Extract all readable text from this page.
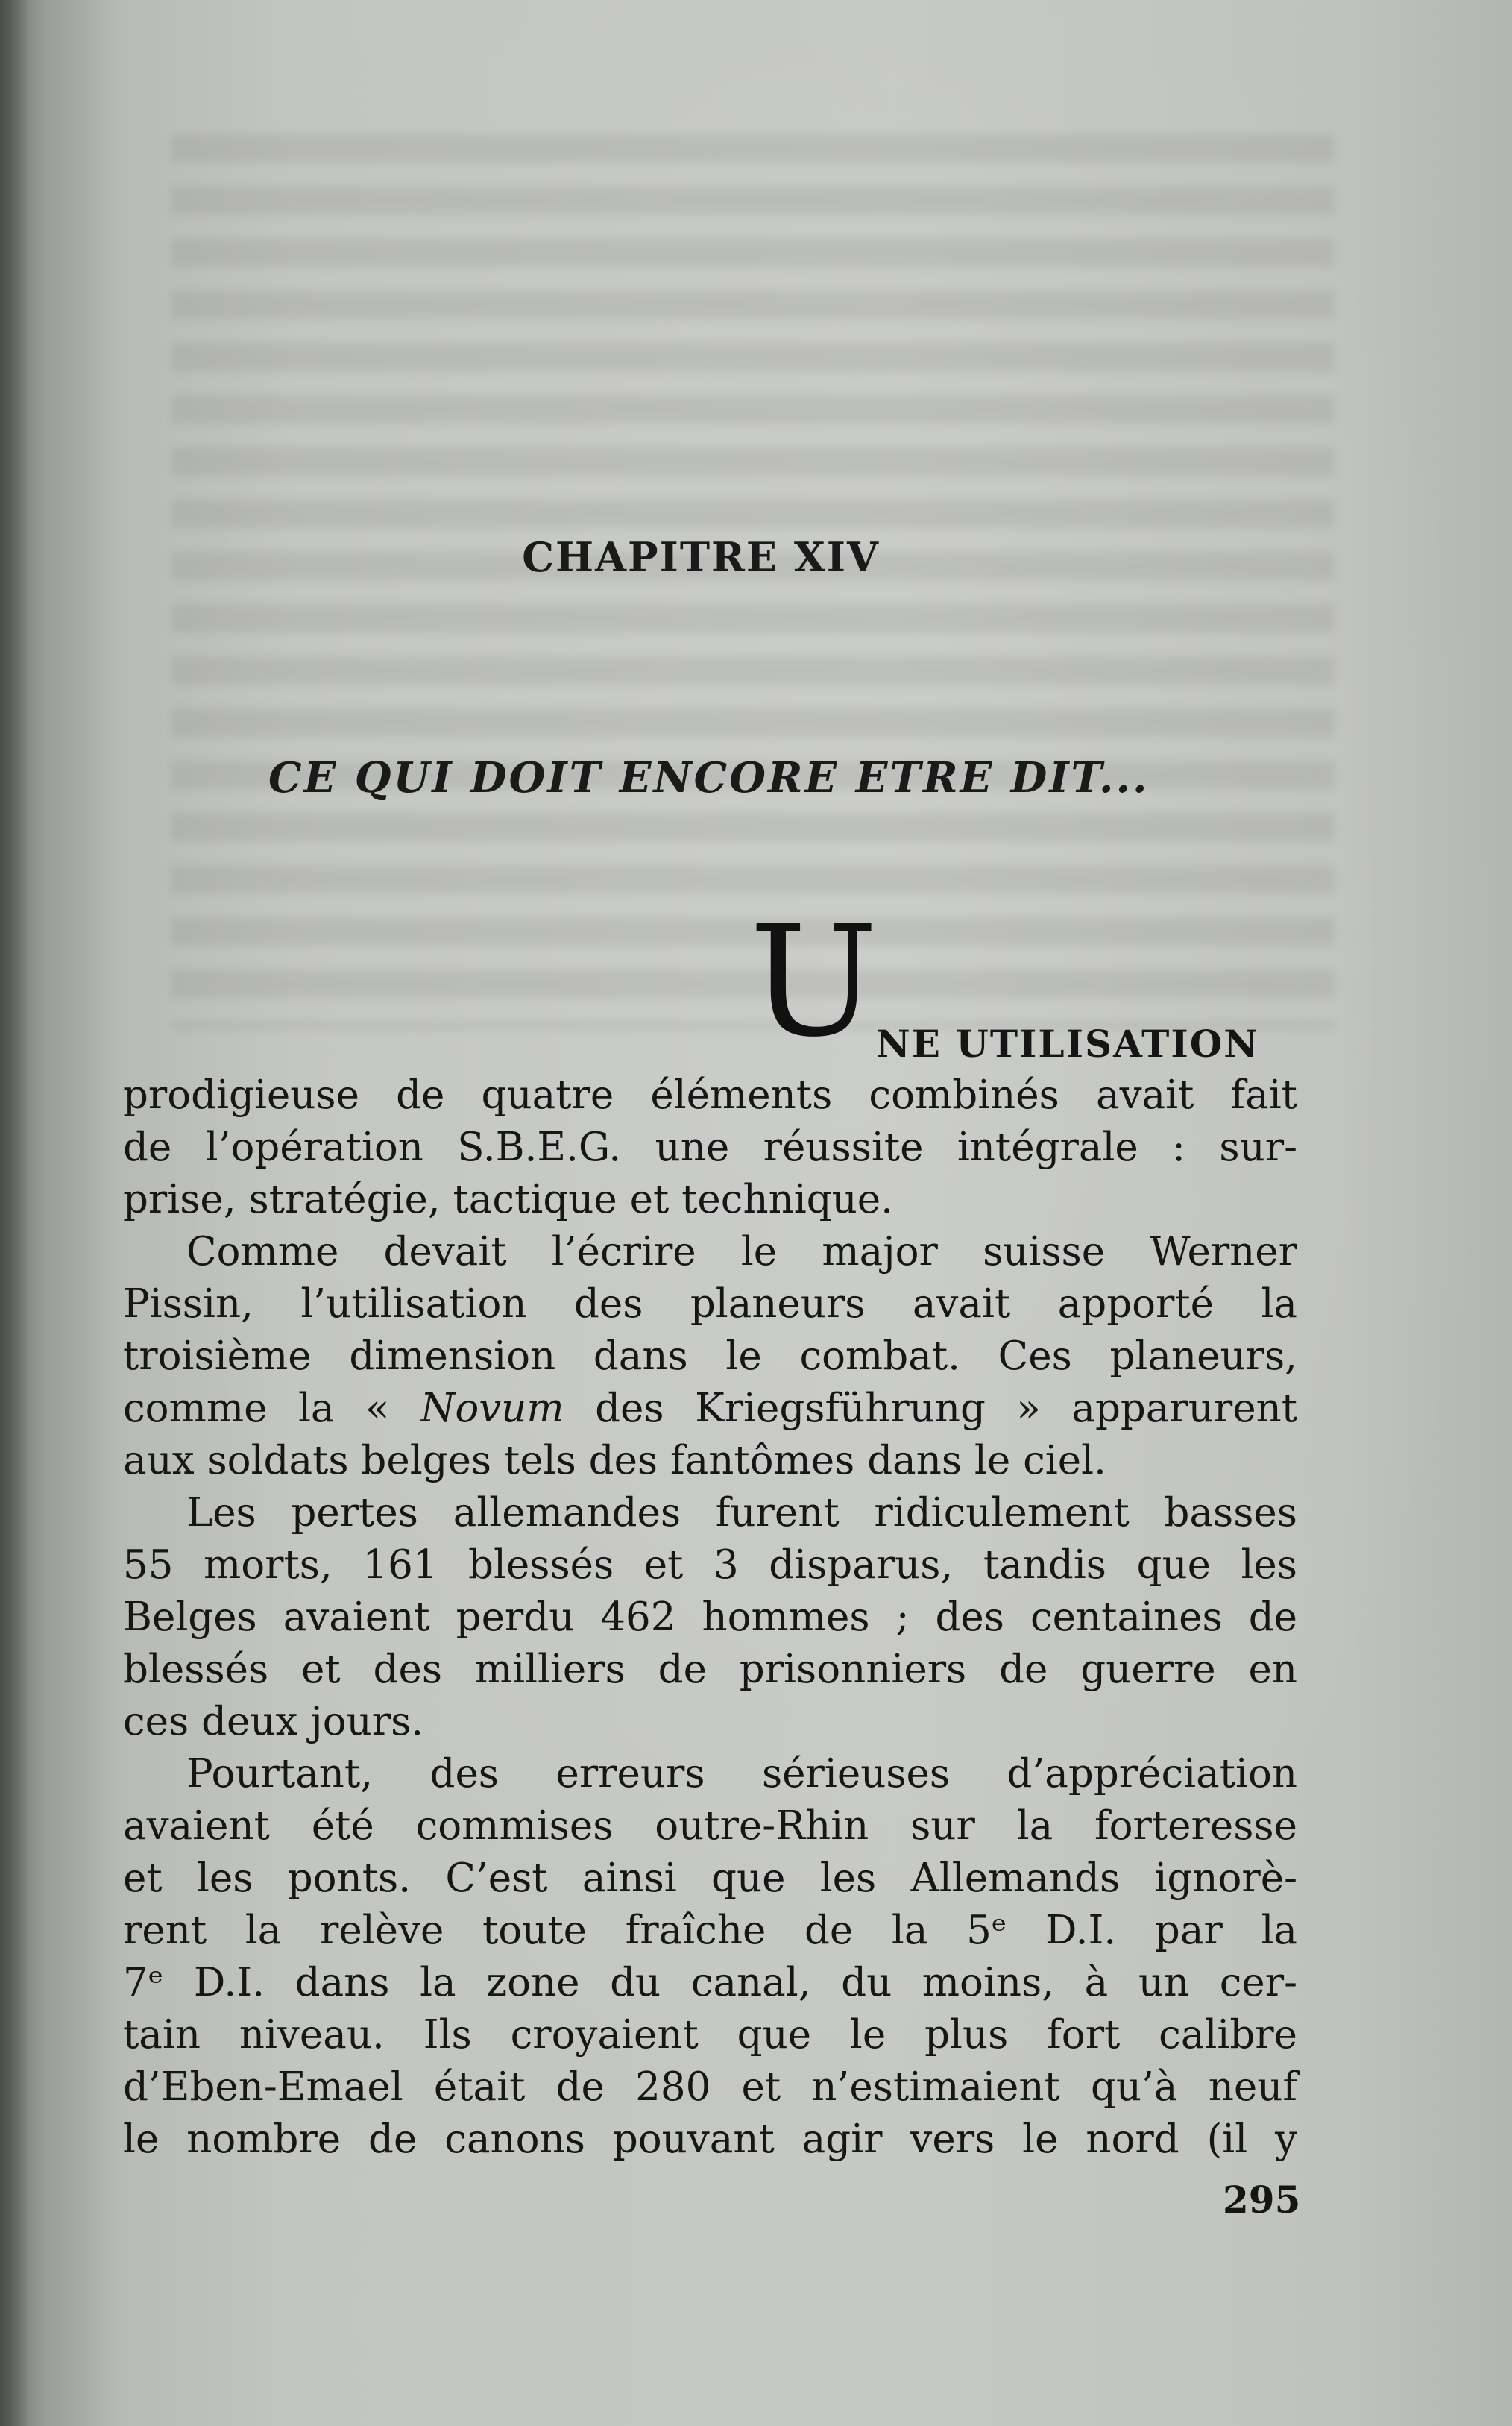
CHAPITRE XIV
CE QUI DOIT ENCORE ETRE DIT...
U
NE UTILISATION
prodigieuse de quatre éléments combinés avait fait
de l’opération S.B.E.G. une réussite intégrale : sur-
prise, stratégie, tactique et technique.
Comme devait l’écrire le major suisse Werner
Pissin, l’utilisation des planeurs avait apporté la
troisième dimension dans le combat. Ces planeurs,
comme la « Novum des Kriegsführung » apparurent
aux soldats belges tels des fantômes dans le ciel.
Les pertes allemandes furent ridiculement basses
55 morts, 161 blessés et 3 disparus, tandis que les
Belges avaient perdu 462 hommes ; des centaines de
blessés et des milliers de prisonniers de guerre en
ces deux jours.
Pourtant, des erreurs sérieuses d’appréciation
avaient été commises outre-Rhin sur la forteresse
et les ponts. C’est ainsi que les Allemands ignorè-
rent la relève toute fraîche de la 5ᵉ D.I. par la
7ᵉ D.I. dans la zone du canal, du moins, à un cer-
tain niveau. Ils croyaient que le plus fort calibre
d’Eben-Emael était de 280 et n’estimaient qu’à neuf
le nombre de canons pouvant agir vers le nord (il y
295
